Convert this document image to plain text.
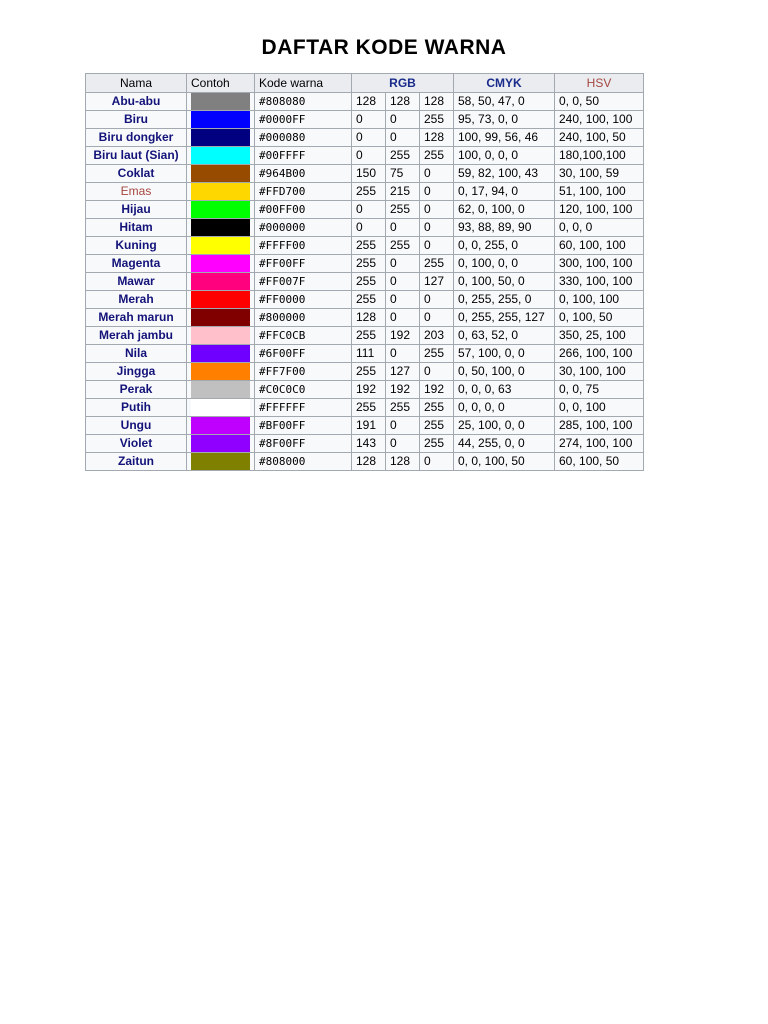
DAFTAR KODE WARNA
Nama	Contoh	Kode warna	RGB			CMYK	HSV
Abu-abu		#808080	128	128	128	58, 50, 47, 0	0, 0, 50
Biru		#0000FF	0	0	255	95, 73, 0, 0	240, 100, 100
Biru dongker		#000080	0	0	128	100, 99, 56, 46	240, 100, 50
Biru laut (Sian)		#00FFFF	0	255	255	100, 0, 0, 0	180,100,100
Coklat		#964B00	150	75	0	59, 82, 100, 43	30, 100, 59
Emas		#FFD700	255	215	0	0, 17, 94, 0	51, 100, 100
Hijau		#00FF00	0	255	0	62, 0, 100, 0	120, 100, 100
Hitam		#000000	0	0	0	93, 88, 89, 90	0, 0, 0
Kuning		#FFFF00	255	255	0	0, 0, 255, 0	60, 100, 100
Magenta		#FF00FF	255	0	255	0, 100, 0, 0	300, 100, 100
Mawar		#FF007F	255	0	127	0, 100, 50, 0	330, 100, 100
Merah		#FF0000	255	0	0	0, 255, 255, 0	0, 100, 100
Merah marun		#800000	128	0	0	0, 255, 255, 127	0, 100, 50
Merah jambu		#FFC0CB	255	192	203	0, 63, 52, 0	350, 25, 100
Nila		#6F00FF	111	0	255	57, 100, 0, 0	266, 100, 100
Jingga		#FF7F00	255	127	0	0, 50, 100, 0	30, 100, 100
Perak		#C0C0C0	192	192	192	0, 0, 0, 63	0, 0, 75
Putih		#FFFFFF	255	255	255	0, 0, 0, 0	0, 0, 100
Ungu		#BF00FF	191	0	255	25, 100, 0, 0	285, 100, 100
Violet		#8F00FF	143	0	255	44, 255, 0, 0	274, 100, 100
Zaitun		#808000	128	128	0	0, 0, 100, 50	60, 100, 50
